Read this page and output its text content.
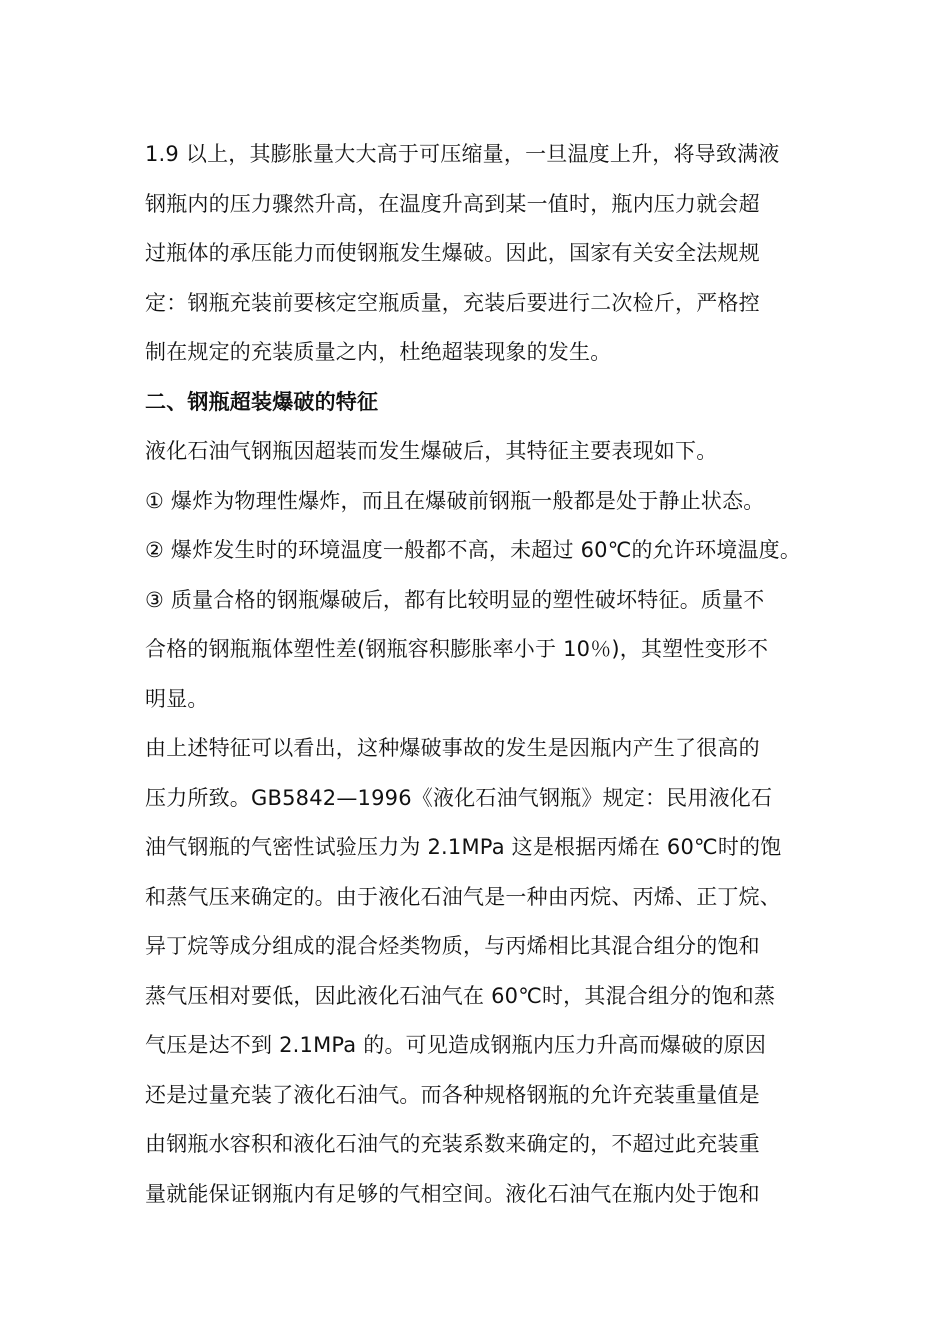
1.9 以上，其膨胀量大大高于可压缩量，一旦温度上升，将导致满液
钢瓶内的压力骤然升高，在温度升高到某一值时，瓶内压力就会超
过瓶体的承压能力而使钢瓶发生爆破。因此，国家有关安全法规规
定：钢瓶充装前要核定空瓶质量，充装后要进行二次检斤，严格控
制在规定的充装质量之内，杜绝超装现象的发生。
二、钢瓶超装爆破的特征
液化石油气钢瓶因超装而发生爆破后，其特征主要表现如下。
① 爆炸为物理性爆炸，而且在爆破前钢瓶一般都是处于静止状态。
② 爆炸发生时的环境温度一般都不高，未超过 60℃的允许环境温度。
③ 质量合格的钢瓶爆破后，都有比较明显的塑性破坏特征。质量不
合格的钢瓶瓶体塑性差(钢瓶容积膨胀率小于 10％)，其塑性变形不
明显。
由上述特征可以看出，这种爆破事故的发生是因瓶内产生了很高的
压力所致。GB5842—1996《液化石油气钢瓶》规定：民用液化石
油气钢瓶的气密性试验压力为 2.1MPa 这是根据丙烯在 60℃时的饱
和蒸气压来确定的。由于液化石油气是一种由丙烷、丙烯、正丁烷、
异丁烷等成分组成的混合烃类物质，与丙烯相比其混合组分的饱和
蒸气压相对要低，因此液化石油气在 60℃时，其混合组分的饱和蒸
气压是达不到 2.1MPa 的。可见造成钢瓶内压力升高而爆破的原因
还是过量充装了液化石油气。而各种规格钢瓶的允许充装重量值是
由钢瓶水容积和液化石油气的充装系数来确定的，不超过此充装重
量就能保证钢瓶内有足够的气相空间。液化石油气在瓶内处于饱和
